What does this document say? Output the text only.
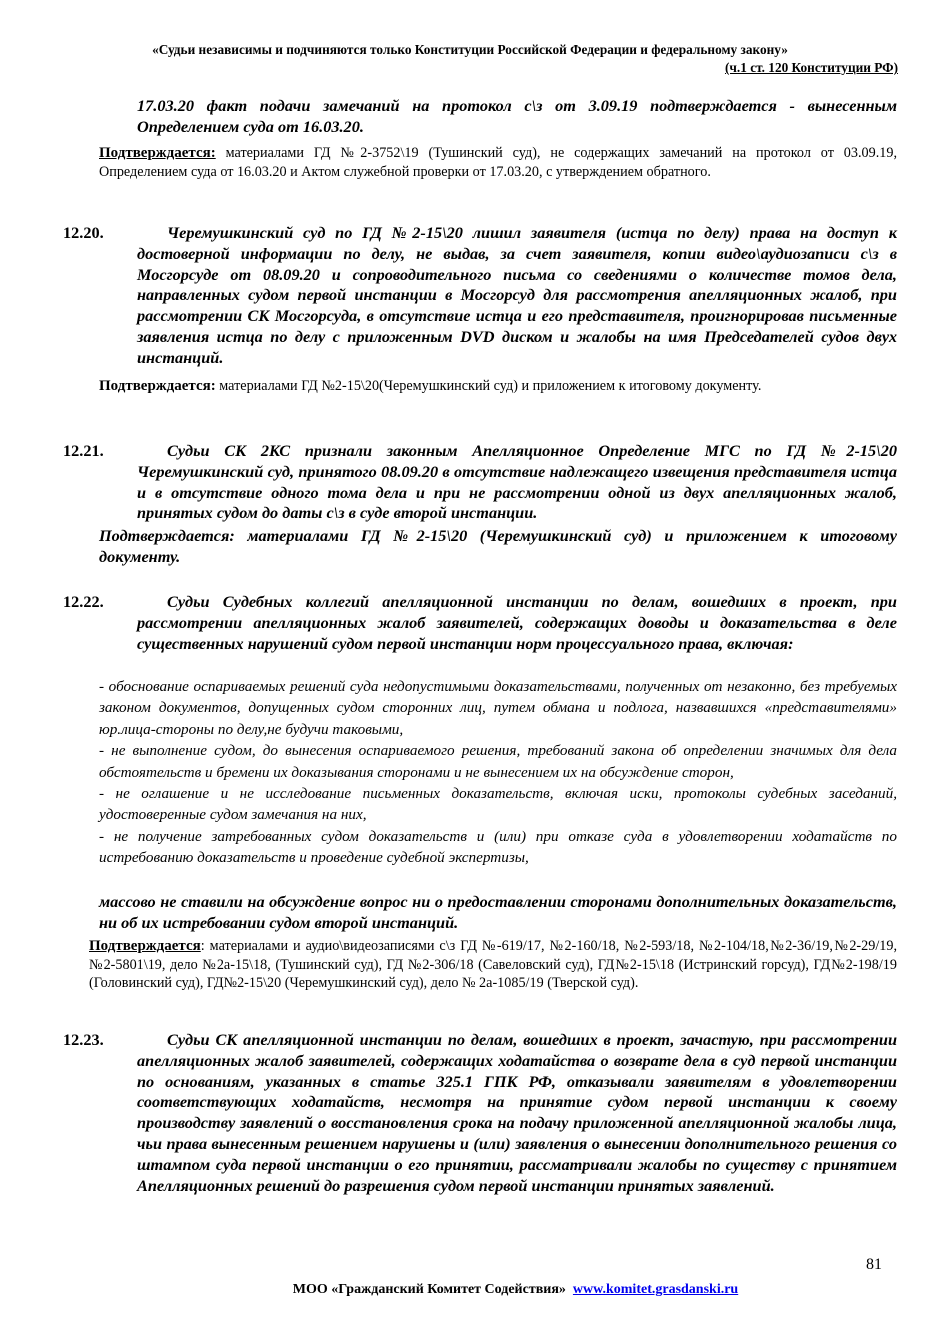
«Судьи независимы и подчиняются только Конституции Российской Федерации и федеральному закону»
(ч.1 ст. 120 Конституции РФ)
17.03.20 факт подачи замечаний на протокол с\з от 3.09.19 подтверждается - вынесенным Определением суда от 16.03.20.
Подтверждается: материалами ГД №2-3752\19 (Тушинский суд), не содержащих замечаний на протокол от 03.09.19, Определением суда от 16.03.20 и Актом служебной проверки от 17.03.20, с утверждением обратного.
12.20.	Черемушкинский суд по ГД №2-15\20 лишил заявителя (истца по делу) права на доступ к достоверной информации по делу, не выдав, за счет заявителя, копии видео\аудиозаписи с\з в Мосгорсуде от 08.09.20 и сопроводительного письма со сведениями о количестве томов дела, направленных судом первой инстанции в Мосгорсуд для рассмотрения апелляционных жалоб, при рассмотрении СК Мосгорсуда, в отсутствие истца и его представителя, проигнорировав письменные заявления истца по делу с приложенным DVD диском и жалобы на имя Председателей судов двух инстанций.
Подтверждается: материалами ГД №2-15\20(Черемушкинский суд) и приложением к итоговому документу.
12.21.	Судьи СК 2КС признали законным Апелляционное Определение МГС по ГД №2-15\20 Черемушкинский суд, принятого 08.09.20 в отсутствие надлежащего извещения представителя истца и в отсутствие одного тома дела и при не рассмотрении одной из двух апелляционных жалоб, принятых судом до даты с\з в суде второй инстанции.
Подтверждается: материалами ГД №2-15\20 (Черемушкинский суд) и приложением к итоговому документу.
12.22.	Судьи Судебных коллегий апелляционной инстанции по делам, вошедших в проект, при рассмотрении апелляционных жалоб заявителей, содержащих доводы и доказательства в деле существенных нарушений судом первой инстанции норм процессуального права, включая:
- обоснование оспариваемых решений суда недопустимыми доказательствами, полученных от незаконно, без требуемых законом документов, допущенных судом сторонних лиц, путем обмана и подлога, назвавшихся «представителями» юр.лица-стороны по делу,не будучи таковыми,
- не выполнение судом, до вынесения оспариваемого решения, требований закона об определении значимых для дела обстоятельств и бремени их доказывания сторонами и не вынесением их на обсуждение сторон,
- не оглашение и не исследование письменных доказательств, включая иски, протоколы судебных заседаний, удостоверенные судом замечания на них,
- не получение затребованных судом доказательств и (или) при отказе суда в удовлетворении ходатайств по истребованию доказательств и проведение судебной экспертизы,
массово не ставили на обсуждение вопрос ни о предоставлении сторонами дополнительных доказательств, ни об их истребовании судом второй инстанций.
Подтверждается: материалами и аудио\видеозаписями с\з ГД №-619/17, №2-160/18, №2-593/18, №2-104/18,№2-36/19,№2-29/19, №2-5801\19, дело №2а-15\18, (Тушинский суд), ГД №2-306/18 (Савеловский суд), ГД№2-15\18 (Истринский горсуд), ГД№2-198/19 (Головинский суд), ГД№2-15\20 (Черемушкинский суд), дело № 2а-1085/19 (Тверской суд).
12.23.	Судьи СК апелляционной инстанции по делам, вошедших в проект, зачастую, при рассмотрении апелляционных жалоб заявителей, содержащих ходатайства о возврате дела в суд первой инстанции по основаниям, указанных в статье 325.1 ГПК РФ, отказывали заявителям в удовлетворении соответствующих ходатайств, несмотря на принятие судом первой инстанции к своему производству заявлений о восстановления срока на подачу приложенной апелляционной жалобы лица, чьи права вынесенным решением нарушены и (или) заявления о вынесении дополнительного решения со штампом суда первой инстанции о его принятии, рассматривали жалобы по существу с принятием Апелляционных решений до разрешения судом первой инстанции принятых заявлений.
81
МОО «Гражданский Комитет Содействия» www.komitet.grasdanski.ru
